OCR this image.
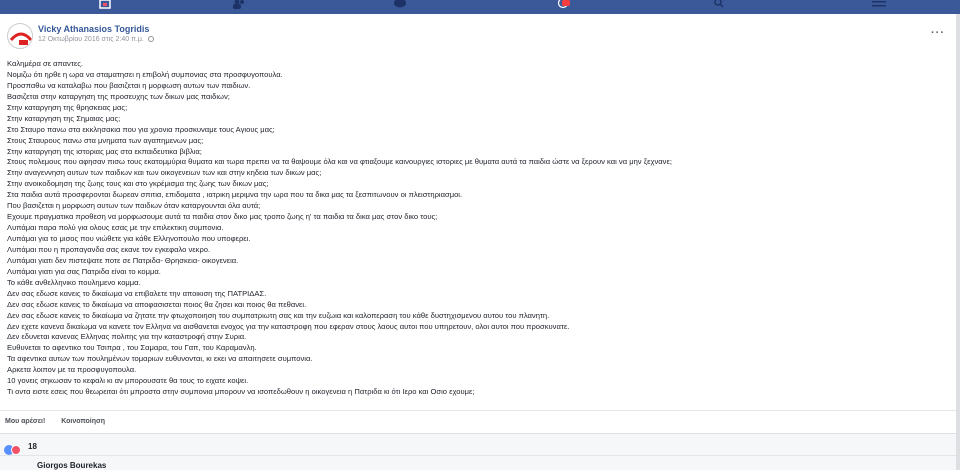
Vicky Athanasios Togridis
12 Οκτωβρίου 2016 στις 2:40 π.μ.
···
Καλημέρα σε απαντες.
Νομιζω ότι ηρθε η ωρα να σταματησει η επιβολή συμπονιας στα προσφυγοπουλα.
Προσπαθω να καταλαβω που βασιζεται η μορφωση αυτων των παιδιων.
Βασιζεται στην καταργηση της προσευχης των δικων μας παιδιων;
Στην καταργηση της θρησκειας μας;
Στην καταργηση της Σημαιας μας;
Στο Σταυρο πανω στα εκκλησακια που για χρονια προσκυναμε τους Αγιους μας;
Στους Σταυρους πανω στα μνηματα των αγαπημενων μας;
Στην καταργηση της ιστοριας μας στα εκπαιδευτικα βιβλια;
Στους πολεμους που αφησαν πισω τους εκατομμύρια θυματα και τωρα πρεπει να τα θαψουμε όλα και να φτιαξουμε καινουργιες ιστοριες με θυματα αυτά τα παιδια ώστε να ξερουν και να μην ξεχνανε;
Στην αναγεννηση αυτων των παιδιων και των οικογενειων των και στην κηδεια των δικων μας;
Στην ανοικοδομηση της ζωης τους και στο γκρέμισμα της ζωης των δικων μας;
Στα παιδια αυτά προσφερονται δωρεαν σπιτια, επιδοματα , ιατρικη μεριμνα την ωρα που τα δικα μας τα ξεσπιτωνουν οι πλειστηριασμοι.
Που βασιζεται η μορφωση αυτων των παιδιων όταν καταργουνται όλα αυτά;
Εχουμε πραγματικα προθεση να μορφωσουμε αυτά τα παιδια στον δικο μας τροπο ζωης η' τα παιδια τα δικα μας στον δικο τους;
Λυπάμαι παρα πολύ για ολους εσας με την επιλεκτικη συμπονια.
Λυπάμαι για το μισος που νιώθετε για κάθε Ελληνοπουλο που υποφερει.
Λυπάμαι που η προπαγανδα σας εκανε τον εγκεφαλο νεκρο.
Λυπάμαι γιατι δεν πιστεψατε ποτε σε Πατριδα- Θρησκεια- οικογενεια.
Λυπάμαι γιατι για σας Πατριδα είναι το κομμα.
Το κάθε ανθελληνικο πουλημενο κομμα.
Δεν σας εδωσε κανεις το δικαίωμα να επιβαλετε την αποικιση της ΠΑΤΡΙΔΑΣ.
Δεν σας εδωσε κανεις το δικαίωμα να αποφασισεται ποιος θα ζησει και ποιος θα πεθανει.
Δεν σας εδωσε κανεις το δικαίωμα να ζητατε την φτωχοποιηση του συμπατριωτη σας και την ευζωια και καλοπεραση του κάθε δυστηχισμενου αυτου του πλανητη.
Δεν εχετε κανενα δικαίωμα να κανετε τον Ελληνα να αισθανεται ενοχος για την καταστροφη που εφεραν στους λαους αυτοι που υπηρετουν, ολοι αυτοι που προσκυνατε.
Δεν εδυνεται κανενας Ελληνας πολιτης για την καταστροφή στην Συρια.
Ευθυνεται το αφεντικο του Τσιπρα , του Σαμαρα, του Γαπ, του Καραμανλη.
Τα αφεντικα αυτων των πουλημένων τομαριων ευθυνονται, κι εκει να απαιτησετε συμπονια.
Αρκετα λοιπον με τα προσφυγοπουλα.
10 γονεις σηκωσαν το κεφαλι κι αν μπορουσατε θα τους το ειχατε κοψει.
Τι οντα ειστε εσεις που θεωρειται ότι μπροστα στην συμπονια μπορουν να ισοπεδωθουν η οικογενεια η Πατριδα κι ότι Ιερο και Οσιο εχουμε;
Μου αρέσει! Κοινοποίηση
18
Giorgos Bourekas
